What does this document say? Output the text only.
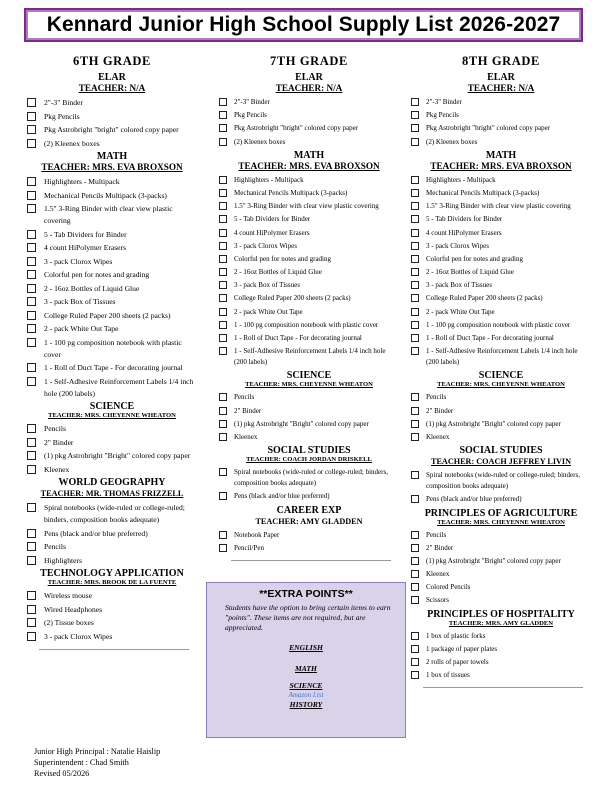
Kennard Junior High School Supply List 2026-2027
6TH GRADE
ELAR
TEACHER: N/A
2"-3" Binder
Pkg Pencils
Pkg Astrobright "bright" colored copy paper
(2) Kleenex boxes
MATH
TEACHER: MRS. EVA BROXSON
Highlighters - Multipack
Mechanical Pencils Multipack (3-packs)
1.5" 3-Ring Binder with clear view plastic covering
5 - Tab Dividers for Binder
4 count HiPolymer Erasers
3 - pack Clorox Wipes
Colorful pen for notes and grading
2 - 16oz Bottles of Liquid Glue
3 - pack Box of Tissues
College Ruled Paper 200 sheets (2 packs)
2 - pack White Out Tape
1 - 100 pg composition notebook with plastic cover
1 - Roll of Duct Tape - For decorating journal
1 - Self-Adhesive Reinforcement Labels 1/4 inch hole (200 labels)
SCIENCE
TEACHER: MRS. CHEYENNE WHEATON
Pencils
2" Binder
(1) pkg Astrobright "Bright" colored copy paper
Kleenex
WORLD GEOGRAPHY
TEACHER: MR. THOMAS FRIZZELL
Spiral notebooks (wide-ruled or college-ruled; binders, composition books adequate)
Pens (black and/or blue preferred)
Pencils
Highlighters
TECHNOLOGY APPLICATION
TEACHER: MRS. BROOK DE LA FUENTE
Wireless mouse
Wired Headphones
(2) Tissue boxes
3 - pack Clorox Wipes
7TH GRADE
ELAR
TEACHER: N/A
2"-3" Binder
Pkg Pencils
Pkg Astrobright "bright" colored copy paper
(2) Kleenex boxes
MATH
TEACHER: MRS. EVA BROXSON
Highlighters - Multipack
Mechanical Pencils Multipack (3-packs)
1.5" 3-Ring Binder with clear view plastic covering
5 - Tab Dividers for Binder
4 count HiPolymer Erasers
3 - pack Clorox Wipes
Colorful pen for notes and grading
2 - 16oz Bottles of Liquid Glue
3 - pack Box of Tissues
College Ruled Paper 200 sheets (2 packs)
2 - pack White Out Tape
1 - 100 pg composition notebook with plastic cover
1 - Roll of Duct Tape - For decorating journal
1 - Self-Adhesive Reinforcement Labels 1/4 inch hole (200 labels)
SCIENCE
TEACHER: MRS. CHEYENNE WHEATON
Pencils
2" Binder
(1) pkg Astrobright "Bright" colored copy paper
Kleenex
SOCIAL STUDIES
TEACHER: COACH JORDAN DRISKELL
Spiral notebooks (wide-ruled or college-ruled; binders, composition books adequate)
Pens (black and/or blue preferred)
CAREER EXP
TEACHER: AMY GLADDEN
Notebook Paper
Pencil/Pen
8TH GRADE
ELAR
TEACHER: N/A
2"-3" Binder
Pkg Pencils
Pkg Astrobright "bright" colored copy paper
(2) Kleenex boxes
MATH
TEACHER: MRS. EVA BROXSON
Highlighters - Multipack
Mechanical Pencils Multipack (3-packs)
1.5" 3-Ring Binder with clear view plastic covering
5 - Tab Dividers for Binder
4 count HiPolymer Erasers
3 - pack Clorox Wipes
Colorful pen for notes and grading
2 - 16oz Bottles of Liquid Glue
3 - pack Box of Tissues
College Ruled Paper 200 sheets (2 packs)
2 - pack White Out Tape
1 - 100 pg composition notebook with plastic cover
1 - Roll of Duct Tape - For decorating journal
1 - Self-Adhesive Reinforcement Labels 1/4 inch hole (200 labels)
SCIENCE
TEACHER: MRS. CHEYENNE WHEATON
Pencils
2" Binder
(1) pkg Astrobright "Bright" colored copy paper
Kleenex
SOCIAL STUDIES
TEACHER: COACH JEFFREY LIVIN
Spiral notebooks (wide-ruled or college-ruled; binders, composition books adequate)
Pens (black and/or blue preferred)
PRINCIPLES OF AGRICULTURE
TEACHER: MRS. CHEYENNE WHEATON
Pencils
2" Binder
(1) pkg Astrobright "Bright" colored copy paper
Kleenex
Colored Pencils
Scissors
PRINCIPLES OF HOSPITALITY
TEACHER: MRS. AMY GLADDEN
1 box of plastic forks
1 package of paper plates
2 rolls of paper towels
1 box of tissues
**EXTRA POINTS**
Students have the option to bring certain items to earn "points". These items are not required, but are appreciated.
ENGLISH
MATH
SCIENCE
Amazon List
HISTORY
Junior High Principal : Natalie Haislip
Superintendent : Chad Smith
Revised 05/2026
